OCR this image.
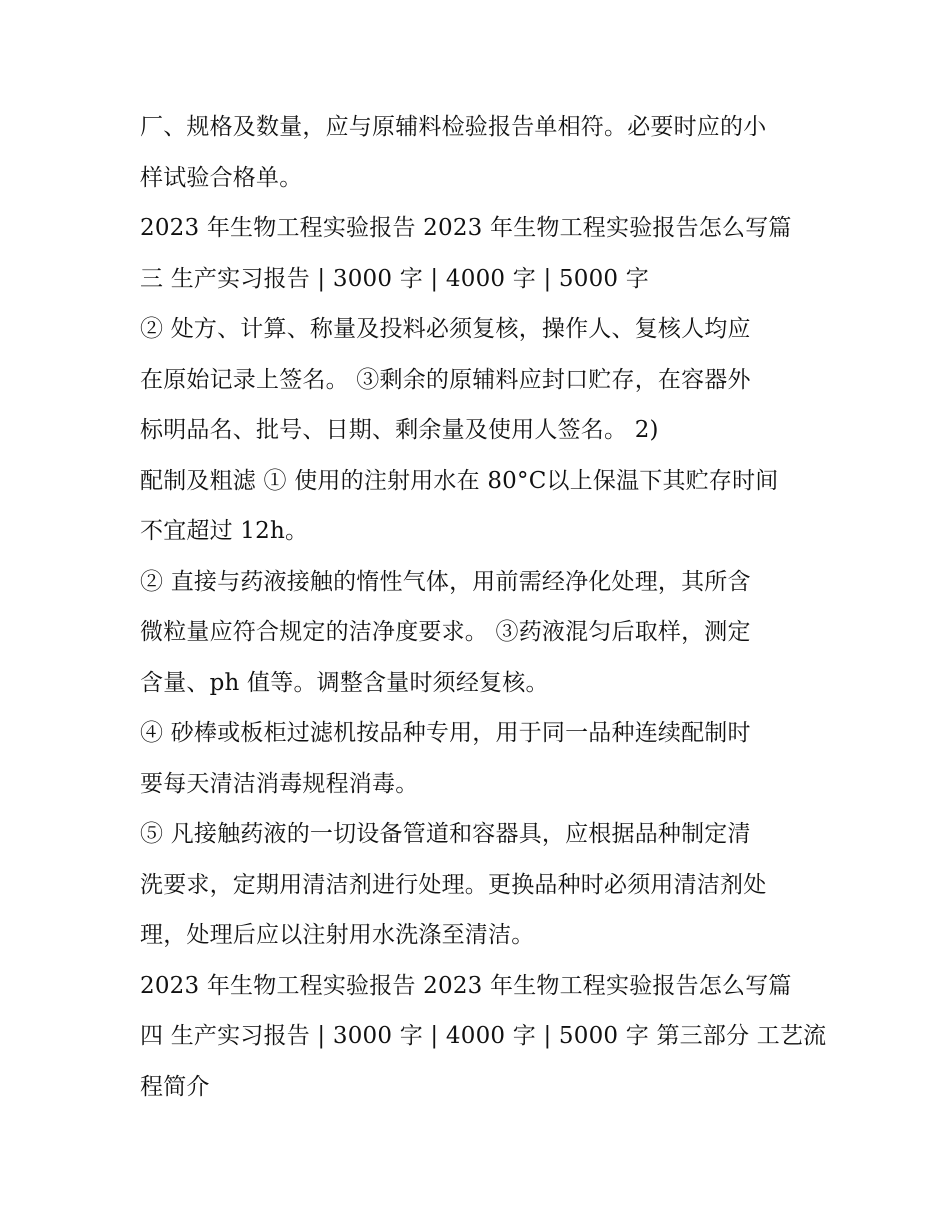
厂、规格及数量，应与原辅料检验报告单相符。必要时应的小
样试验合格单。
2023 年生物工程实验报告 2023 年生物工程实验报告怎么写篇
三 生产实习报告 | 3000 字 | 4000 字 | 5000 字
② 处方、计算、称量及投料必须复核，操作人、复核人均应
在原始记录上签名。 ③剩余的原辅料应封口贮存，在容器外
标明品名、批号、日期、剩余量及使用人签名。 2)
配制及粗滤 ① 使用的注射用水在 80°C以上保温下其贮存时间
不宜超过 12h。
② 直接与药液接触的惰性气体，用前需经净化处理，其所含
微粒量应符合规定的洁净度要求。 ③药液混匀后取样，测定
含量、ph 值等。调整含量时须经复核。
④ 砂棒或板柜过滤机按品种专用，用于同一品种连续配制时
要每天清洁消毒规程消毒。
⑤ 凡接触药液的一切设备管道和容器具，应根据品种制定清
洗要求，定期用清洁剂进行处理。更换品种时必须用清洁剂处
理，处理后应以注射用水洗涤至清洁。
2023 年生物工程实验报告 2023 年生物工程实验报告怎么写篇
四 生产实习报告 | 3000 字 | 4000 字 | 5000 字 第三部分 工艺流
程简介
